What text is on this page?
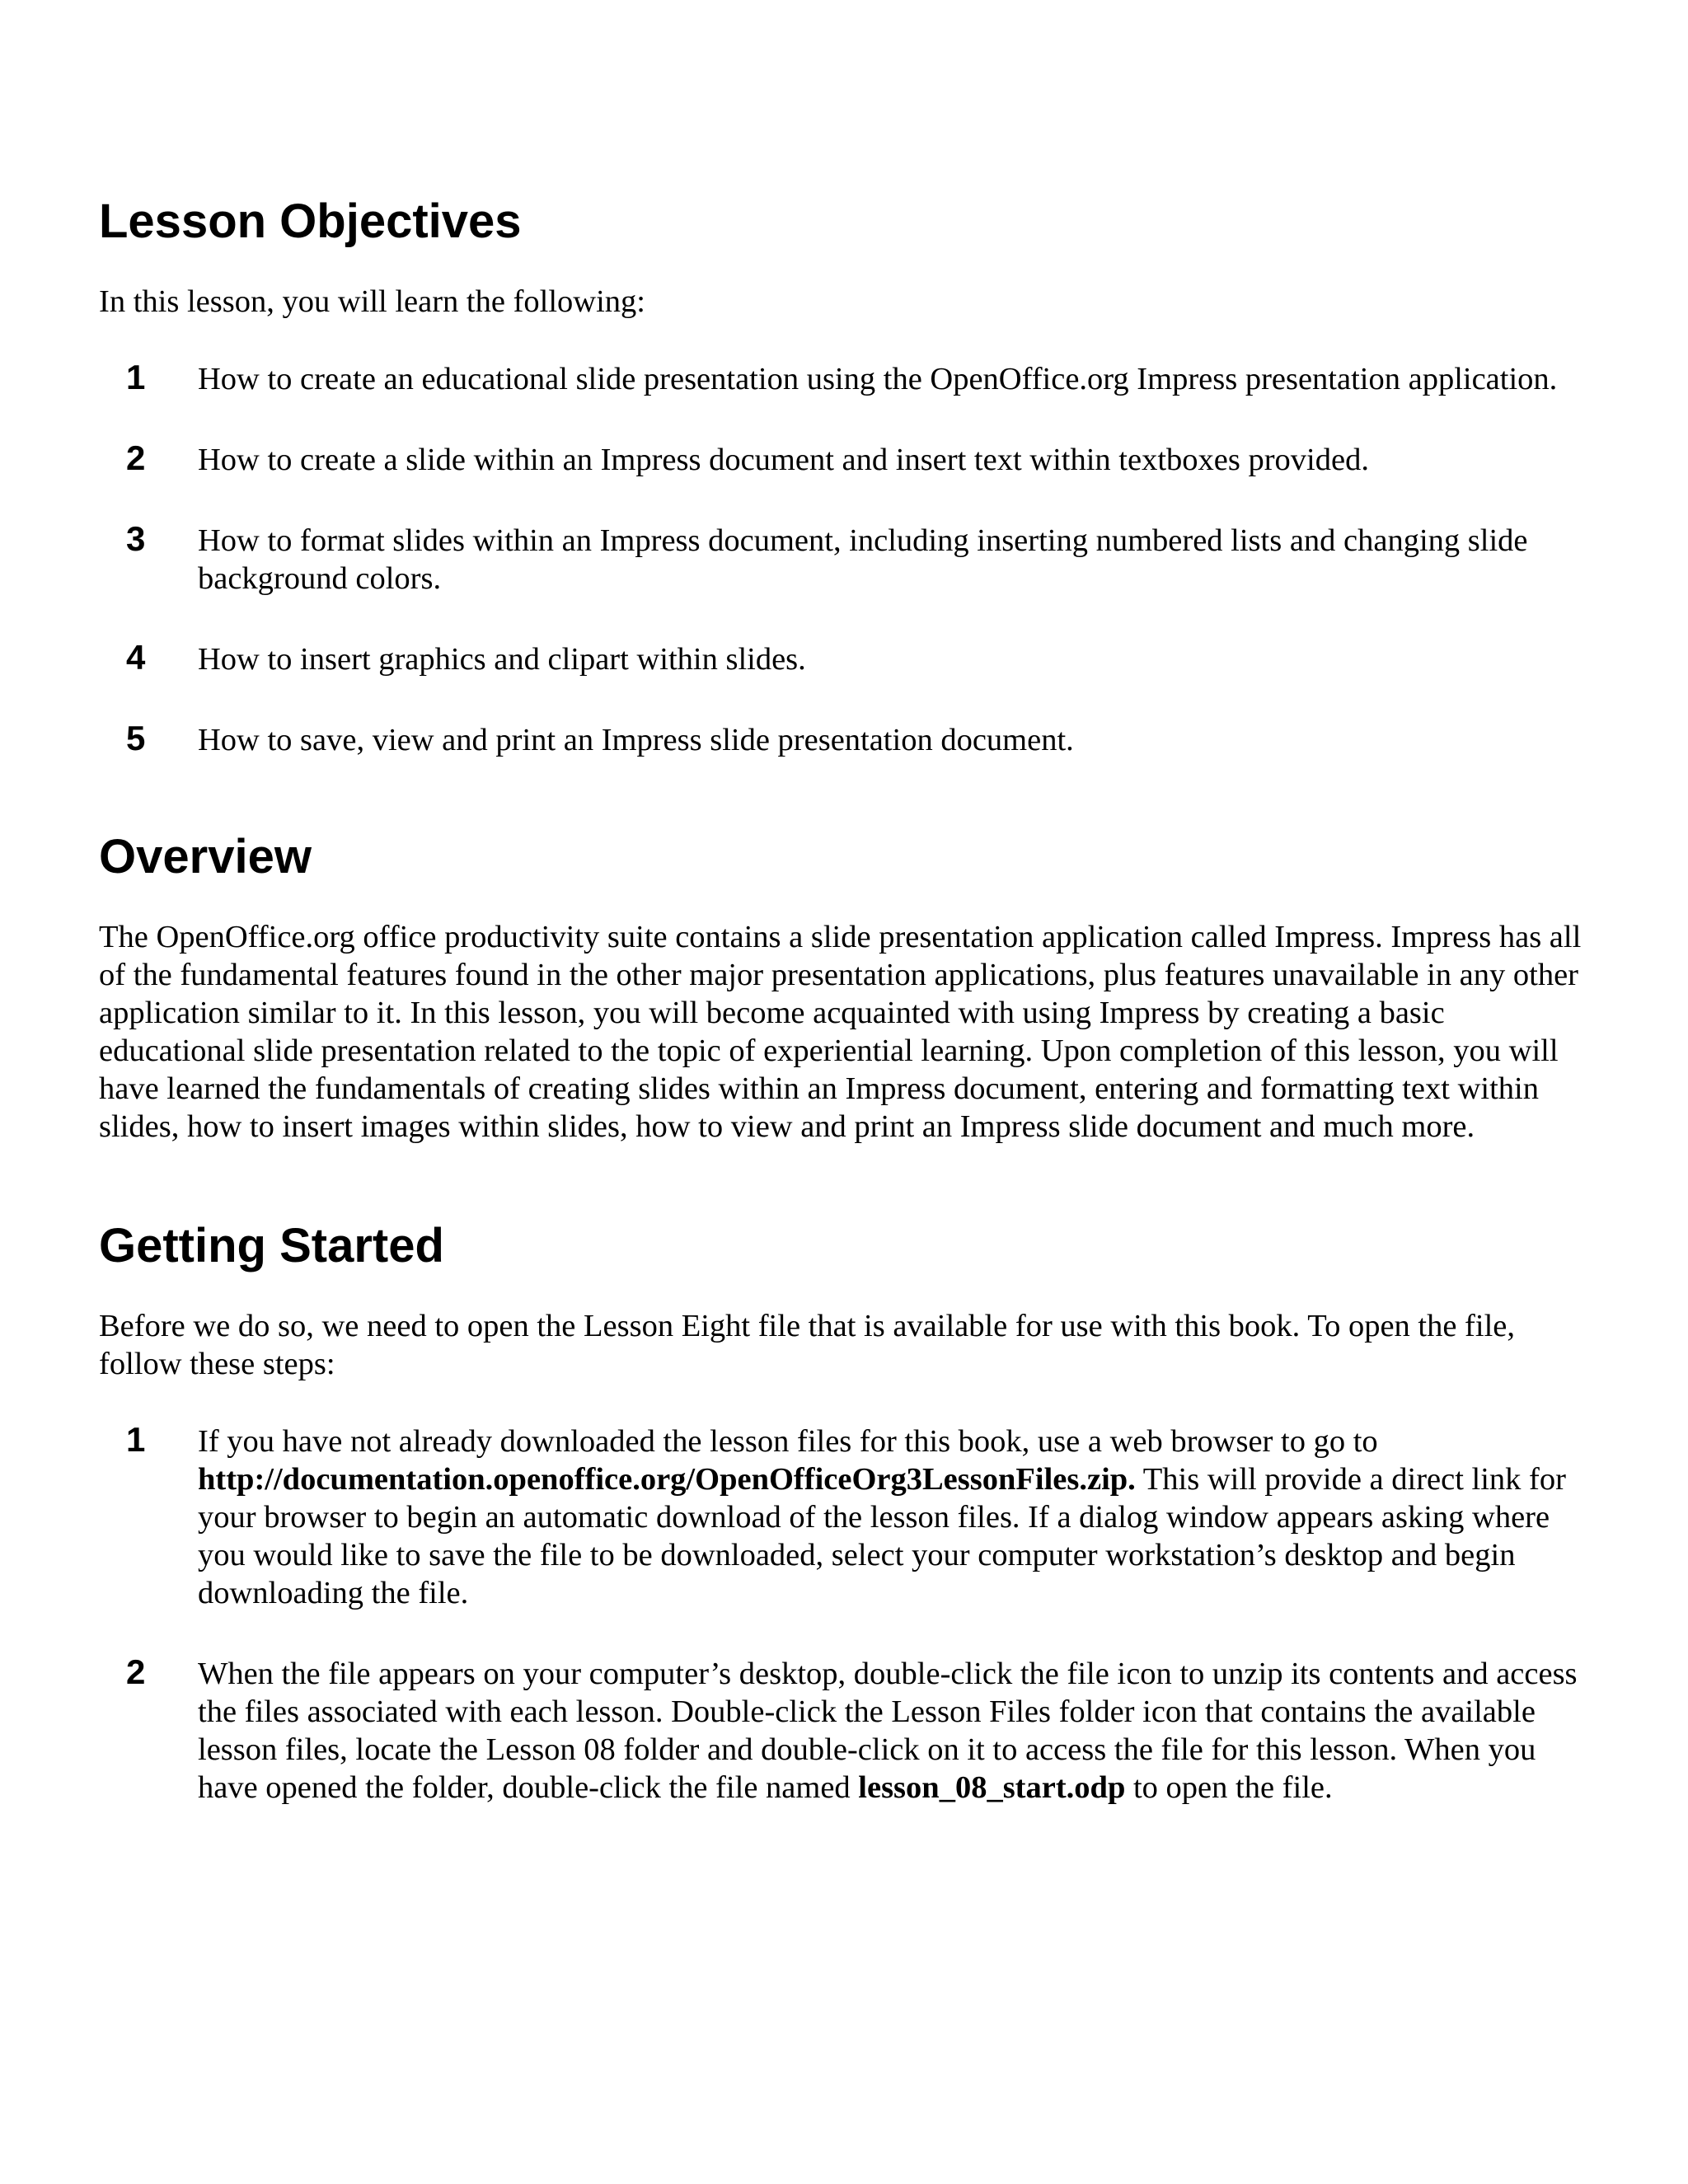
Lesson Objectives

In this lesson, you will learn the following:

1 How to create an educational slide presentation using the OpenOffice.org Impress presentation application.
2 How to create a slide within an Impress document and insert text within textboxes provided.
3 How to format slides within an Impress document, including inserting numbered lists and changing slide background colors.
4 How to insert graphics and clipart within slides.
5 How to save, view and print an Impress slide presentation document.
Overview

The OpenOffice.org office productivity suite contains a slide presentation application called Impress. Impress has all of the fundamental features found in the other major presentation applications, plus features unavailable in any other application similar to it. In this lesson, you will become acquainted with using Impress by creating a basic educational slide presentation related to the topic of experiential learning. Upon completion of this lesson, you will have learned the fundamentals of creating slides within an Impress document, entering and formatting text within slides, how to insert images within slides, how to view and print an Impress slide document and much more.

Getting Started

Before we do so, we need to open the Lesson Eight file that is available for use with this book. To open the file, follow these steps:

1 If you have not already downloaded the lesson files for this book, use a web browser to go to http://documentation.openoffice.org/OpenOfficeOrg3LessonFiles.zip. This will provide a direct link for your browser to begin an automatic download of the lesson files. If a dialog window appears asking where you would like to save the file to be downloaded, select your computer workstation’s desktop and begin downloading the file.
2 When the file appears on your computer’s desktop, double-click the file icon to unzip its contents and access the files associated with each lesson. Double-click the Lesson Files folder icon that contains the available lesson files, locate the Lesson 08 folder and double-click on it to access the file for this lesson. When you have opened the folder, double-click the file named lesson_08_start.odp to open the file.
